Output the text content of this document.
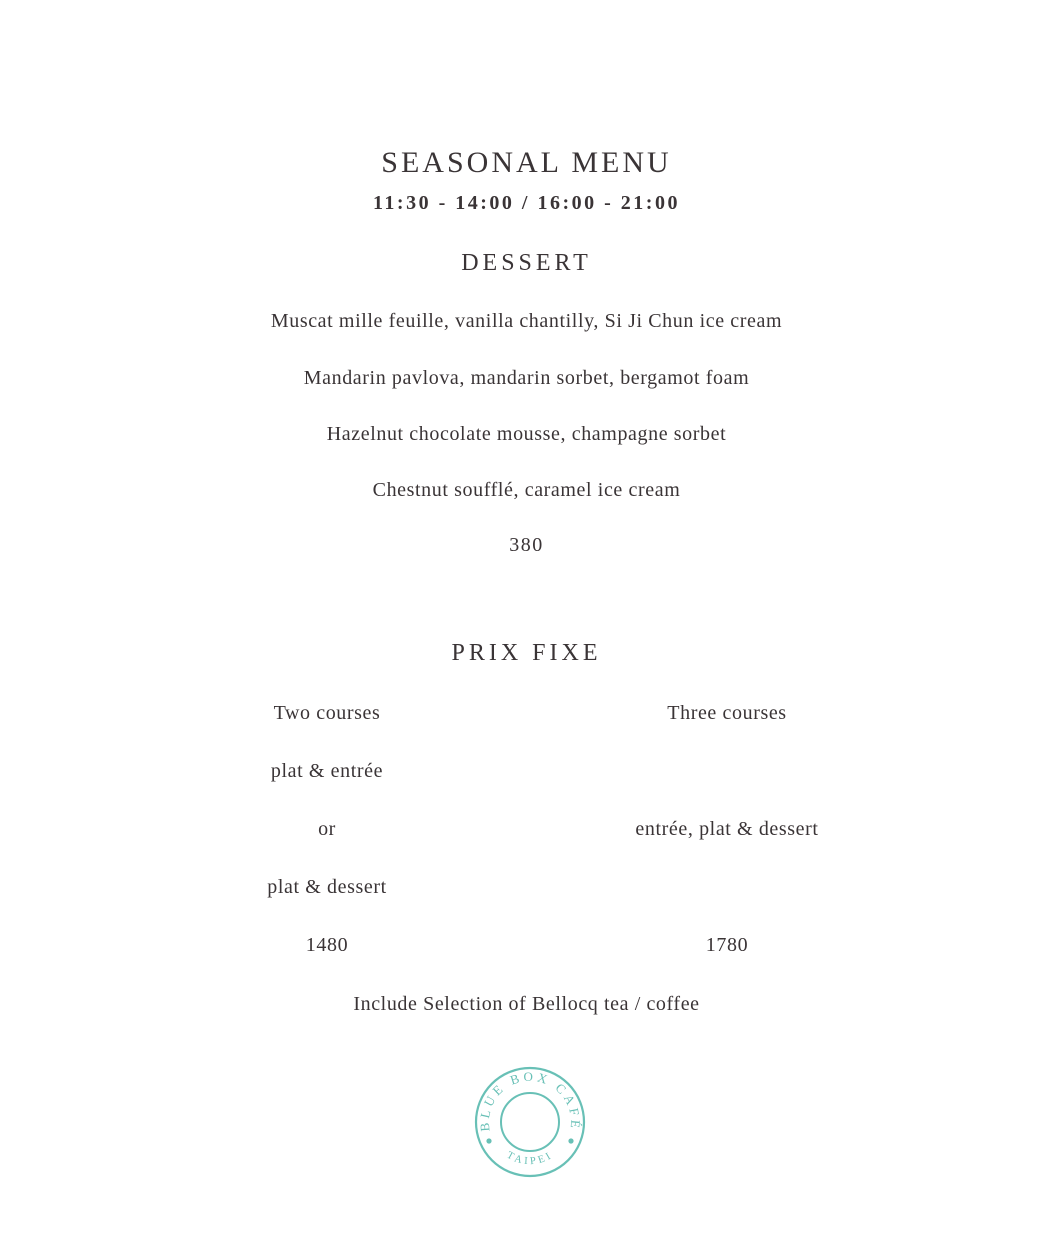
SEASONAL MENU
11:30 - 14:00 / 16:00 - 21:00
DESSERT
Muscat mille feuille, vanilla chantilly, Si Ji Chun ice cream
Mandarin pavlova, mandarin sorbet, bergamot foam
Hazelnut chocolate mousse, champagne sorbet
Chestnut soufflé, caramel ice cream
380
PRIX FIXE
Two courses	Three courses
plat & entrée
or	entrée, plat & dessert
plat & dessert
1480	1780
Include Selection of Bellocq tea / coffee
BLUE BOX CAFÉ
TAIPEI
